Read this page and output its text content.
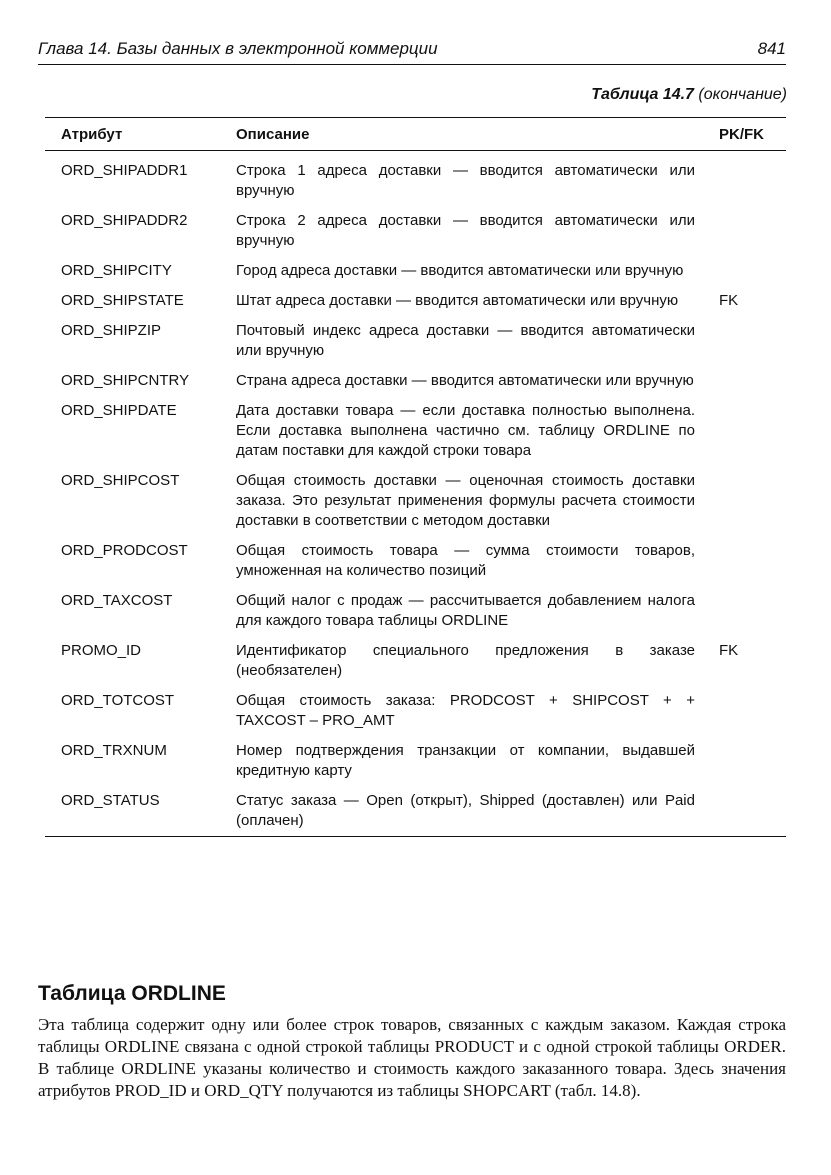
Глава 14. Базы данных в электронной коммерции	841
Таблица 14.7 (окончание)
Атрибут	Описание	PK/FK
ORD_SHIPADDR1	Строка 1 адреса доставки — вводится автоматически или вручную	
ORD_SHIPADDR2	Строка 2 адреса доставки — вводится автоматически или вручную	
ORD_SHIPCITY	Город адреса доставки — вводится автоматически или вручную	
ORD_SHIPSTATE	Штат адреса доставки — вводится автоматически или вручную	FK
ORD_SHIPZIP	Почтовый индекс адреса доставки — вводится автоматически или вручную	
ORD_SHIPCNTRY	Страна адреса доставки — вводится автоматически или вручную	
ORD_SHIPDATE	Дата доставки товара — если доставка полностью выполнена. Если доставка выполнена частично см. таблицу ORDLINE по датам поставки для каждой строки товара	
ORD_SHIPCOST	Общая стоимость доставки — оценочная стоимость доставки заказа. Это результат применения формулы расчета стоимости доставки в соответствии с методом доставки	
ORD_PRODCOST	Общая стоимость товара — сумма стоимости товаров, умноженная на количество позиций	
ORD_TAXCOST	Общий налог с продаж — рассчитывается добавлением налога для каждого товара таблицы ORDLINE	
PROMO_ID	Идентификатор специального предложения в заказе (необязателен)	FK
ORD_TOTCOST	Общая стоимость заказа: PRODCOST + SHIPCOST + + TAXCOST – PRO_AMT	
ORD_TRXNUM	Номер подтверждения транзакции от компании, выдавшей кредитную карту	
ORD_STATUS	Статус заказа — Open (открыт), Shipped (доставлен) или Paid (оплачен)	
Таблица ORDLINE
Эта таблица содержит одну или более строк товаров, связанных с каждым заказом. Каждая строка таблицы ORDLINE связана с одной строкой таблицы PRODUCT и с одной строкой таблицы ORDER. В таблице ORDLINE указаны количество и стоимость каждого заказанного товара. Здесь значения атрибутов PROD_ID и ORD_QTY получаются из таблицы SHOPCART (табл. 14.8).
